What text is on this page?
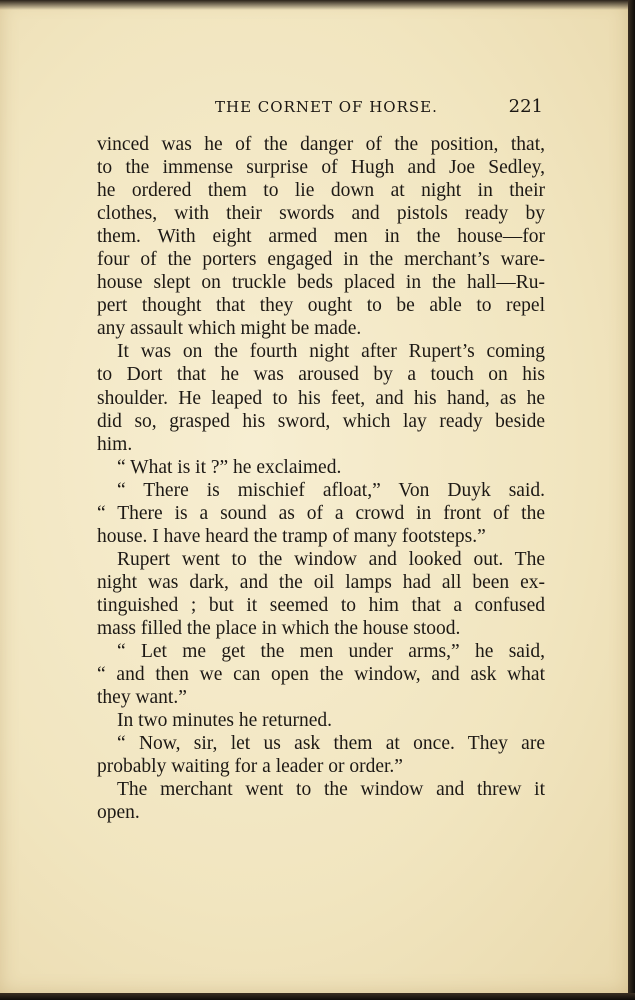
THE CORNET OF HORSE.	221
vinced was he of the danger of the position, that,
to the immense surprise of Hugh and Joe Sedley,
he ordered them to lie down at night in their
clothes, with their swords and pistols ready by
them. With eight armed men in the house—for
four of the porters engaged in the merchant’s ware-
house slept on truckle beds placed in the hall—Ru-
pert thought that they ought to be able to repel
any assault which might be made.
It was on the fourth night after Rupert’s coming
to Dort that he was aroused by a touch on his
shoulder. He leaped to his feet, and his hand, as he
did so, grasped his sword, which lay ready beside
him.
“ What is it ?” he exclaimed.
“ There is mischief afloat,” Von Duyk said.
“ There is a sound as of a crowd in front of the
house. I have heard the tramp of many footsteps.”
Rupert went to the window and looked out. The
night was dark, and the oil lamps had all been ex-
tinguished ; but it seemed to him that a confused
mass filled the place in which the house stood.
“ Let me get the men under arms,” he said,
“ and then we can open the window, and ask what
they want.”
In two minutes he returned.
“ Now, sir, let us ask them at once. They are
probably waiting for a leader or order.”
The merchant went to the window and threw it
open.
